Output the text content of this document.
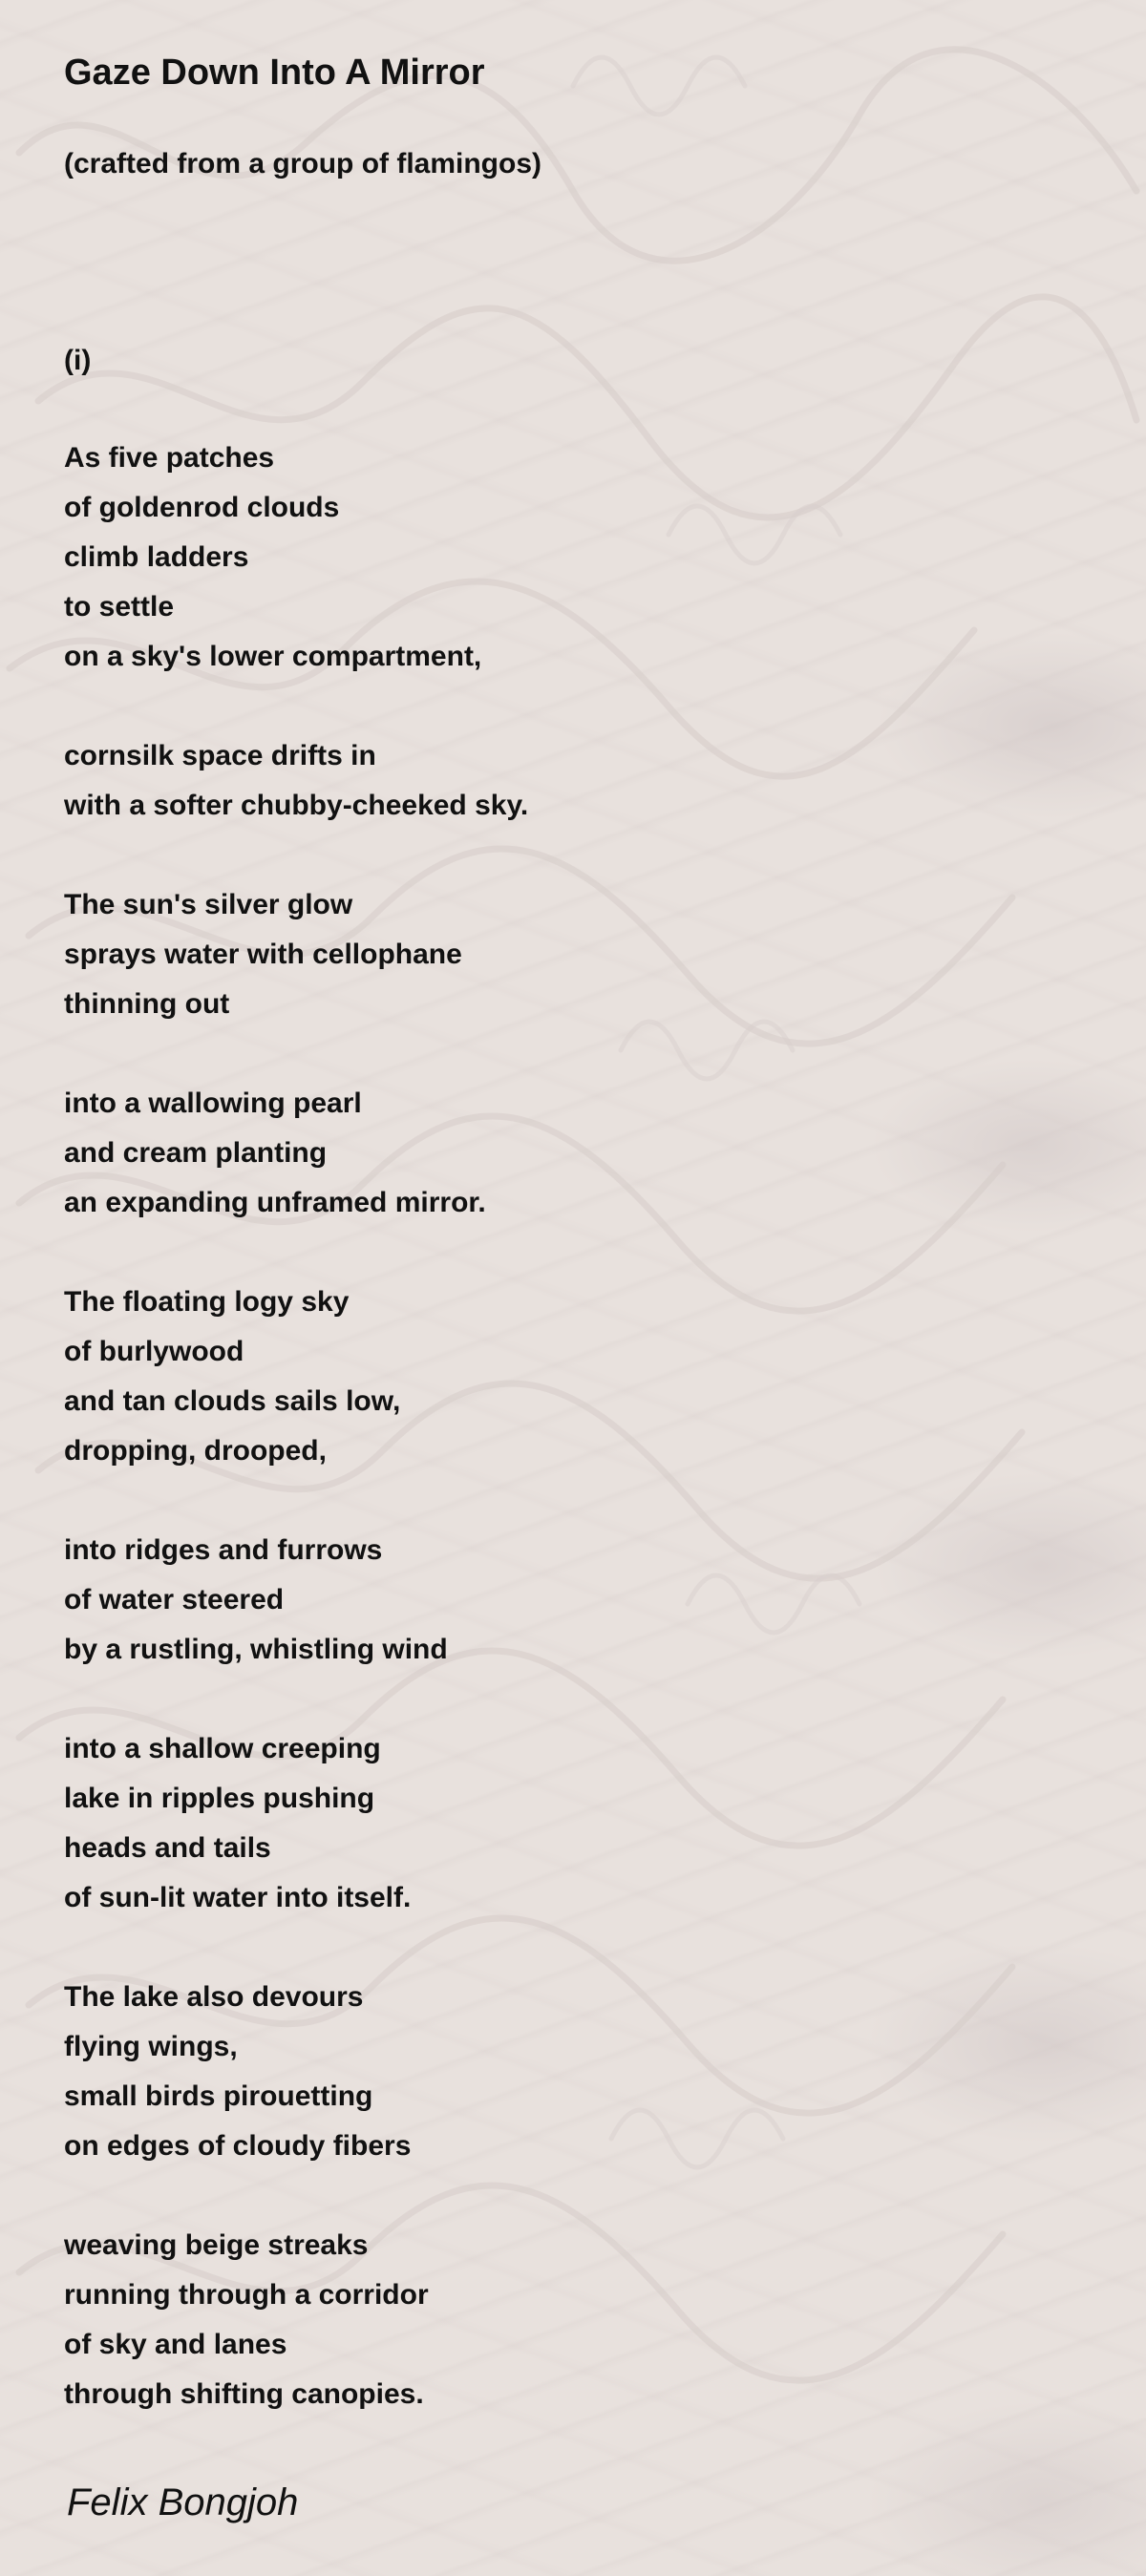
Gaze Down Into A Mirror
(crafted from a group of flamingos)
(i)
As five patches
of goldenrod clouds
climb ladders
to settle
on a sky's lower compartment,
cornsilk space drifts in
with a softer chubby-cheeked sky.
The sun's silver glow
sprays water with cellophane
thinning out
into a wallowing pearl
and cream planting
an expanding unframed mirror.
The floating logy sky
of burlywood
and tan clouds sails low,
dropping, drooped,
into ridges and furrows
of water steered
by a rustling, whistling wind
into a shallow creeping
lake in ripples pushing
heads and tails
of sun-lit water into itself.
The lake also devours
flying wings,
small birds pirouetting
on edges of cloudy fibers
weaving beige streaks
running through a corridor
of sky and lanes
through shifting canopies.
Felix Bongjoh
